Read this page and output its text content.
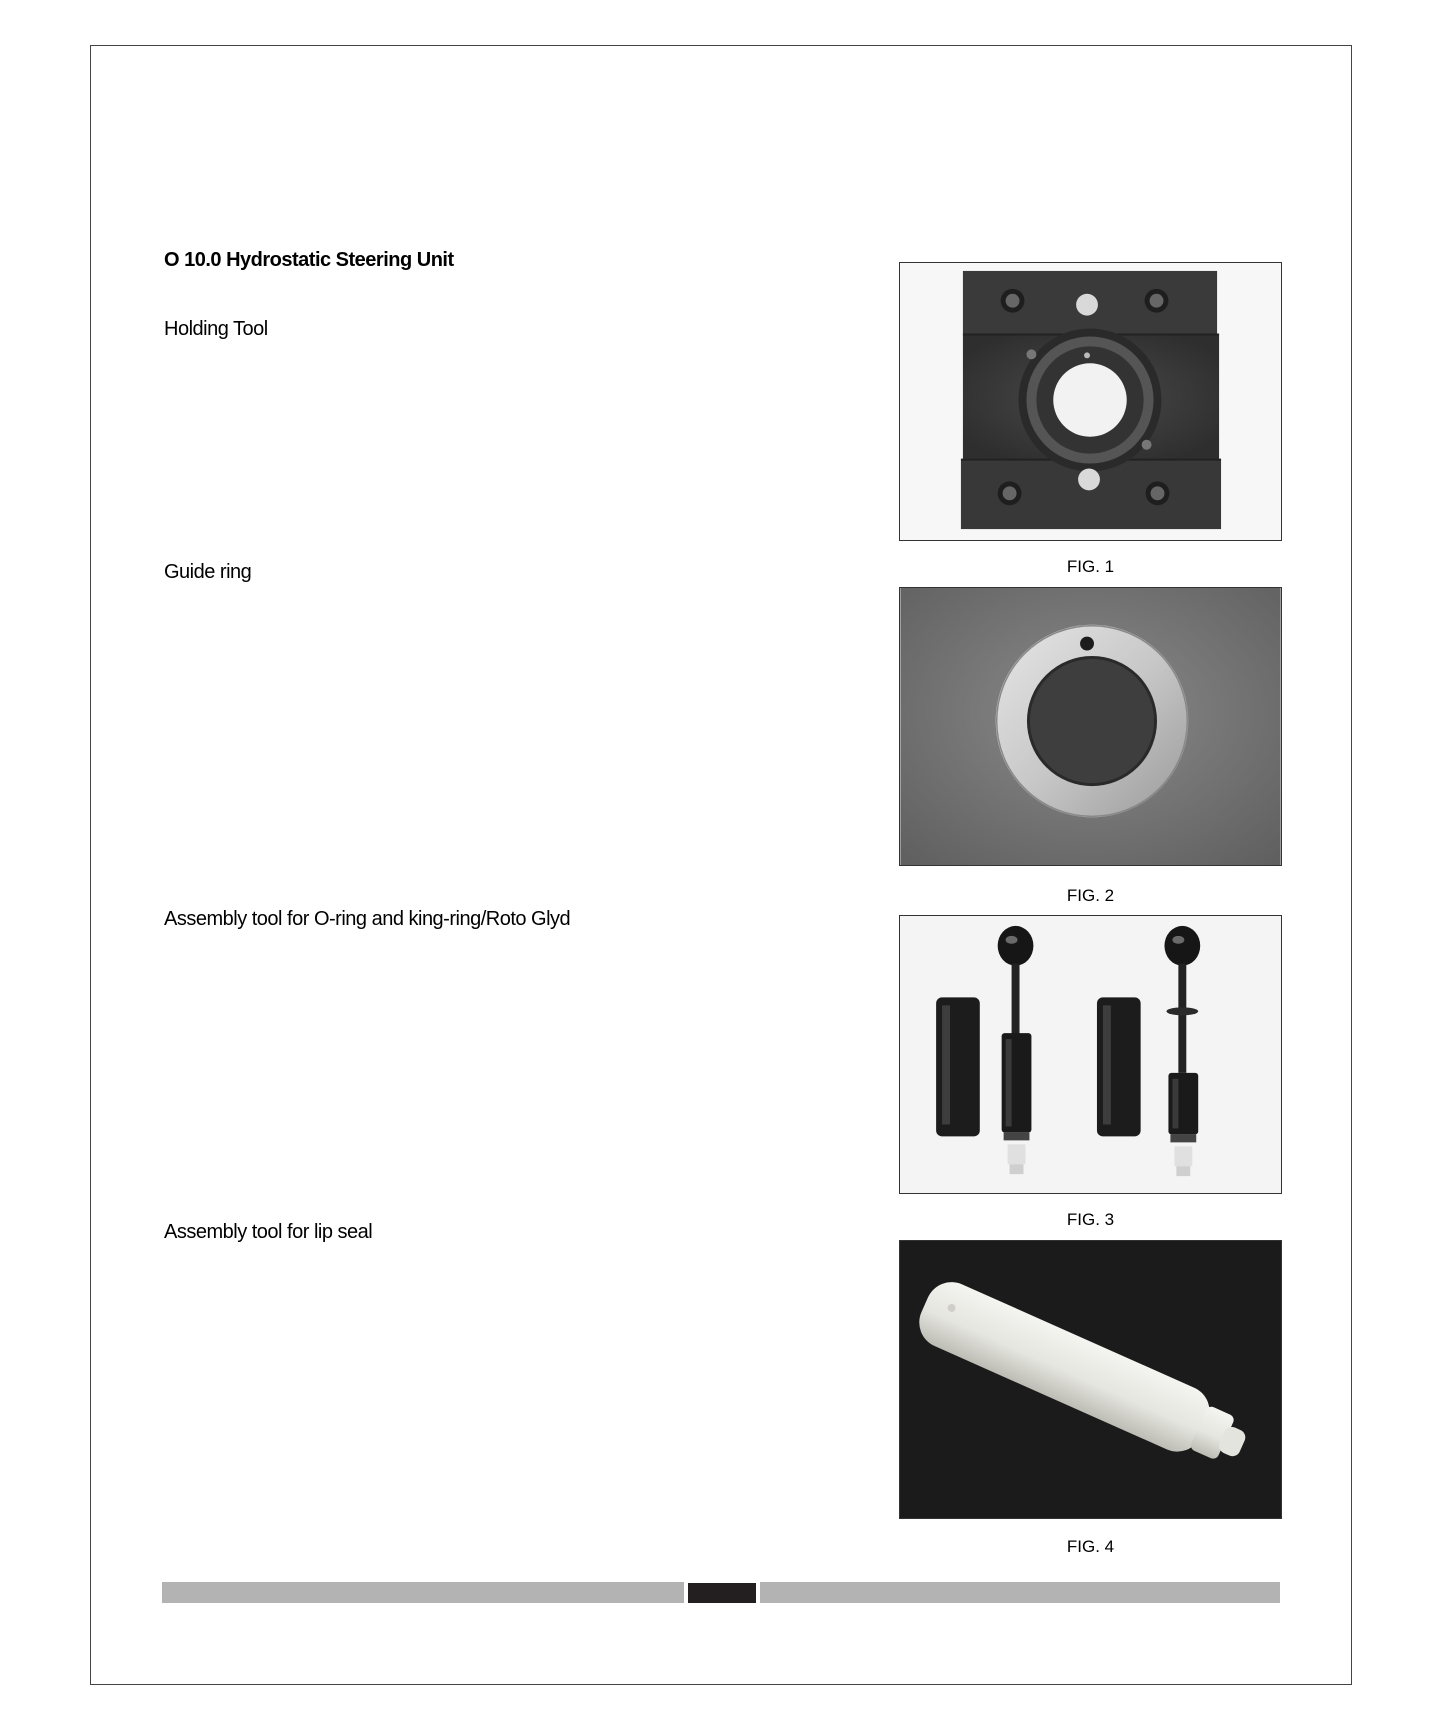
O 10.0 Hydrostatic Steering Unit
Holding Tool
Guide ring
Assembly tool for O-ring and king-ring/Roto Glyd
Assembly tool for lip seal
FIG. 1
FIG. 2
FIG. 3
FIG. 4
